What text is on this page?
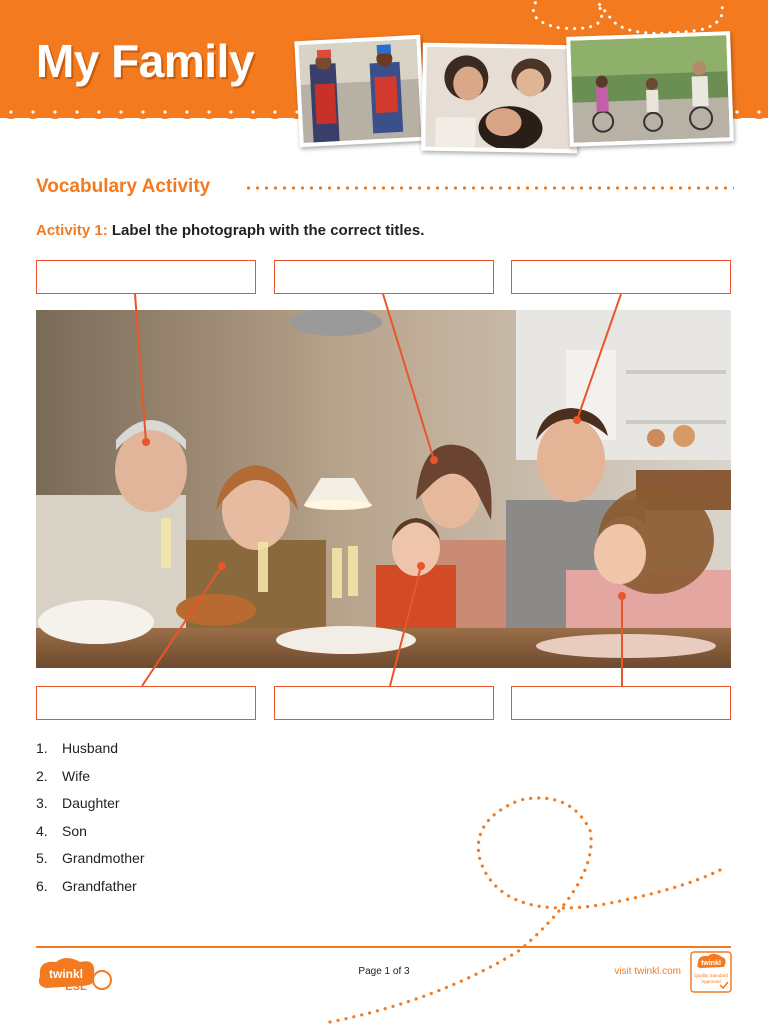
My Family
Vocabulary Activity
Activity 1: Label the photograph with the correct titles.
1.	Husband
2.	Wife
3.	Daughter
4.	Son
5.	Grandmother
6.	Grandfather
twinkl
ESL
Page 1 of 3	visit twinkl.com
twinkl
Quality Standard
Approved
